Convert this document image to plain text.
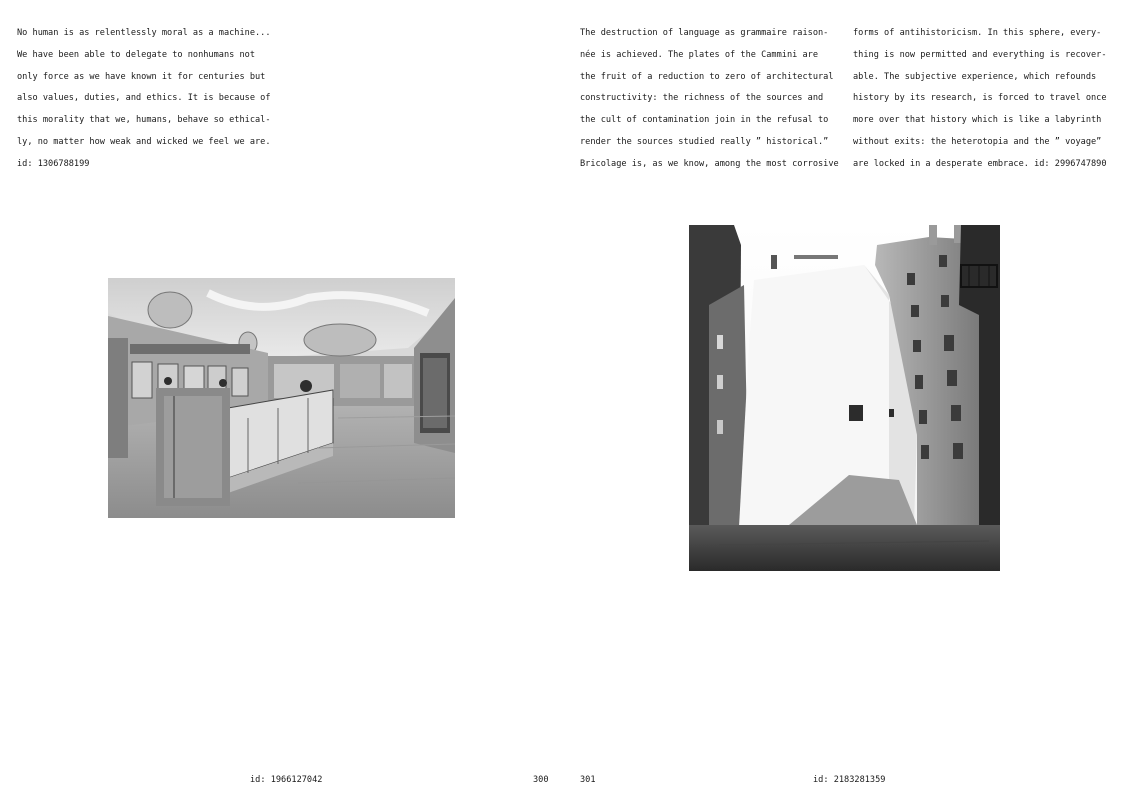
No human is as relentlessly moral as a machine...

We have been able to delegate to nonhumans not

only force as we have known it for centuries but

also values, duties, and ethics. It is because of

this morality that we, humans, behave so ethical-

ly, no matter how weak and wicked we feel we are.

id: 1306788199

The destruction of language as grammaire raison-

née is achieved. The plates of the Cammini are

the fruit of a reduction to zero of architectural

constructivity: the richness of the sources and

the cult of contamination join in the refusal to

render the sources studied really ” historical.”

Bricolage is, as we know, among the most corrosive

forms of antihistoricism. In this sphere, every-

thing is now permitted and everything is recover-

able. The subjective experience, which refounds

history by its research, is forced to travel once

more over that history which is like a labyrinth

without exits: the heterotopia and the ” voyage”

are locked in a desperate embrace. id: 2996747890

id: 1966127042	300	301	id: 2183281359
